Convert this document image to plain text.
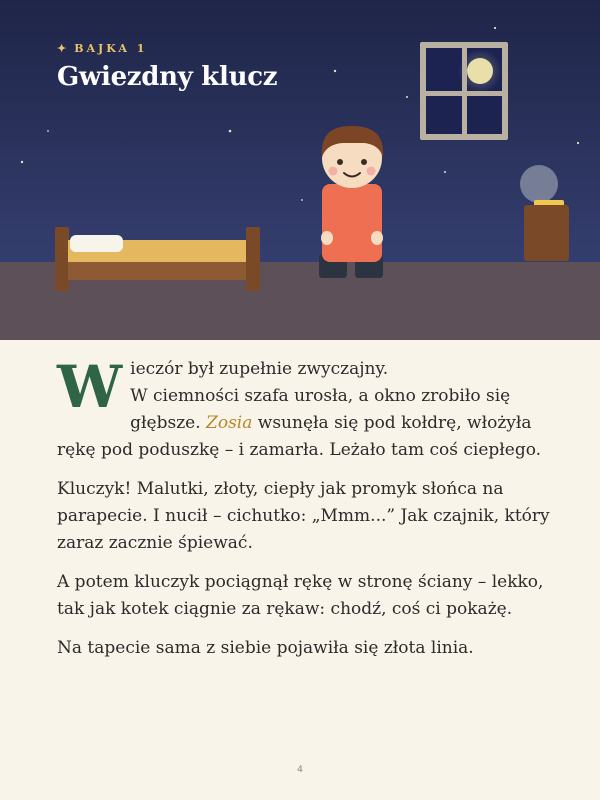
✦ BAJKA 1
Gwiezdny klucz

Wieczór był zupełnie zwyczajny.
W ciemności szafa urosła, a okno zrobiło się
głębsze. Zosia wsunęła się pod kołdrę, włożyła rękę pod poduszkę – i zamarła. Leżało tam coś ciepłego.

Kluczyk! Malutki, złoty, ciepły jak promyk słońca na parapecie. I nucił – cichutko: „Mmm...” Jak czajnik, który zaraz zacznie śpiewać.

A potem kluczyk pociągnął rękę w stronę ściany – lekko, tak jak kotek ciągnie za rękaw: chodź, coś ci pokażę.

Na tapecie sama z siebie pojawiła się złota linia.

4
